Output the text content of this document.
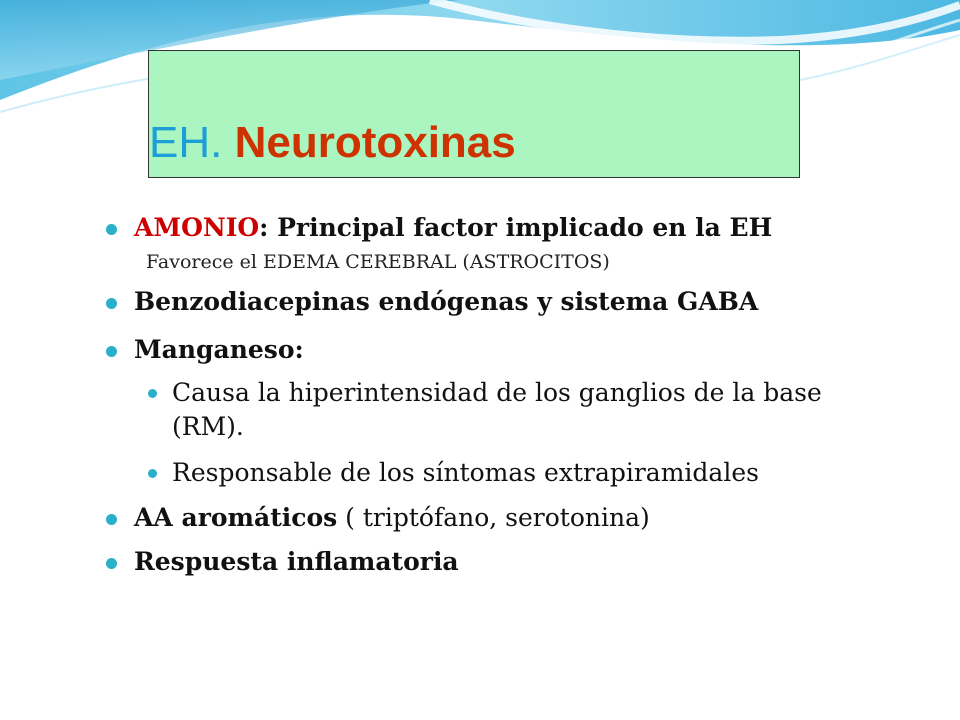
EH. Neurotoxinas
AMONIO: Principal factor implicado en la EH
Favorece el EDEMA CEREBRAL (ASTROCITOS)
Benzodiacepinas endógenas y sistema GABA
Manganeso:
Causa la hiperintensidad de los ganglios de la base (RM).
Responsable de los síntomas extrapiramidales
AA aromáticos ( triptófano, serotonina)
Respuesta inflamatoria
